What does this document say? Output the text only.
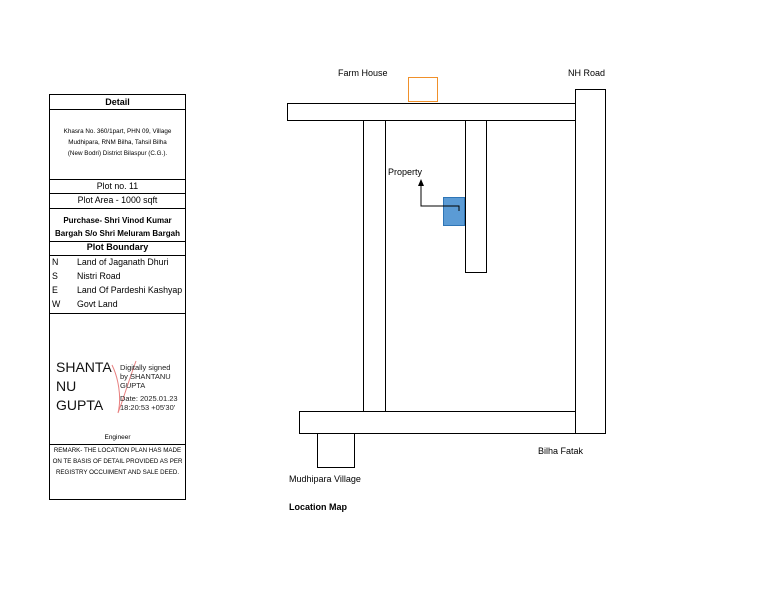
Detail
Khasra No. 360/1part, PHN 09, Village
Mudhipara, RNM Bilha, Tahsil Bilha
(New Bodri) District Bilaspur (C.G.).
Plot no. 11
Plot Area - 1000 sqft
Purchase- Shri Vinod Kumar
Bargah S/o Shri Meluram Bargah
Plot Boundary
N Land of Jaganath Dhuri
S Nistri Road
E Land Of Pardeshi Kashyap
W Govt Land
SHANTA
NU
GUPTA
Digitally signed
by SHANTANU
GUPTA
Date: 2025.01.23
18:20:53 +05'30'
Engineer
REMARK- THE LOCATION PLAN HAS MADE
ON TE BASIS OF DETAIL PROVIDED AS PER
REGISTRY OCCUIMENT AND SALE DEED.
Farm House	NH Road
Property
Bilha Fatak
Mudhipara Village
Location Map
